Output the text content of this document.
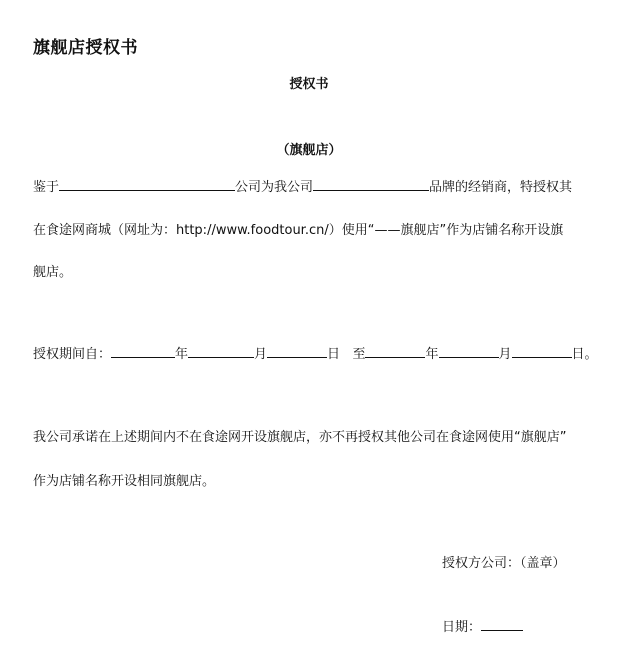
旗舰店授权书
授权书
（旗舰店）
鉴于	公司为我公司	品牌的经销商，特授权其
在食途网商城（网址为：http://www.foodtour.cn/）使用“——旗舰店”作为店铺名称开设旗
舰店。
授权期间自：	年	月	日 至	年	月	日。
我公司承诺在上述期间内不在食途网开设旗舰店，亦不再授权其他公司在食途网使用“旗舰店”
作为店铺名称开设相同旗舰店。
授权方公司：（盖章）
日期：
